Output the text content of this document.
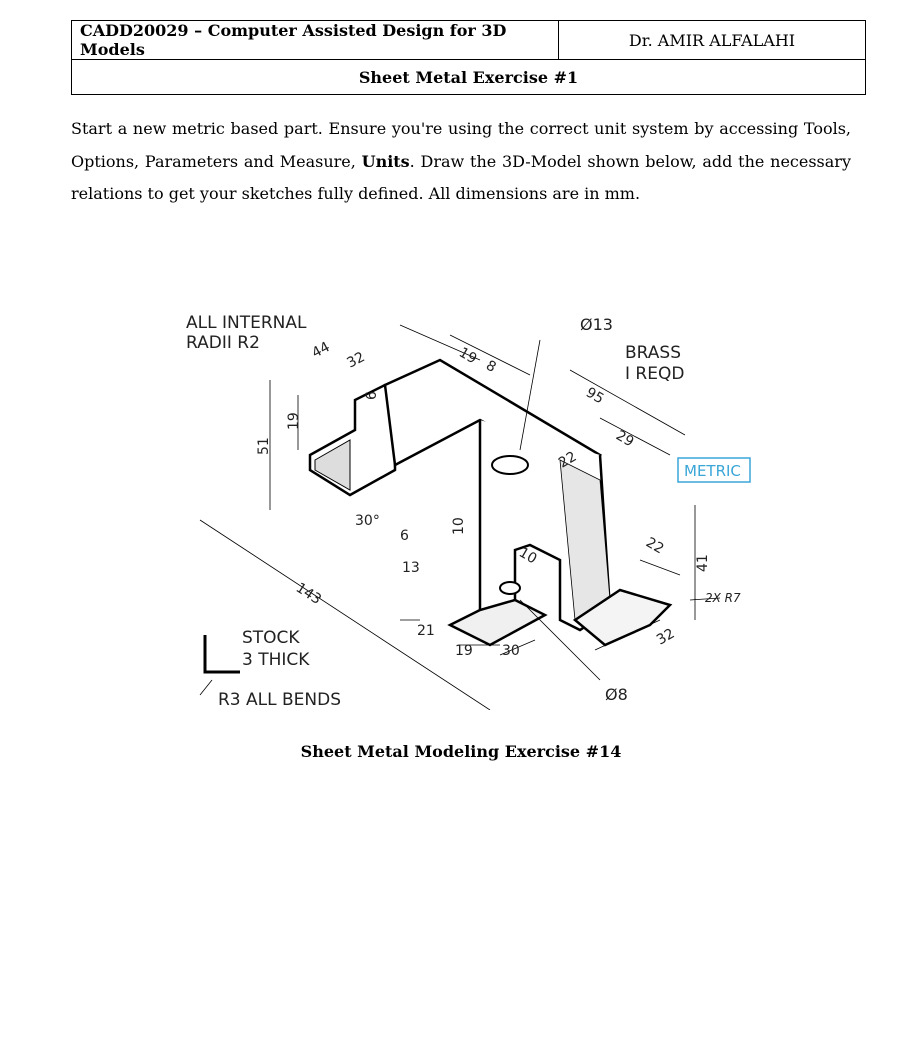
CADD20029 – Computer Assisted Design for 3D Models	Dr. AMIR ALFALAHI
Sheet Metal Exercise #1

Start a new metric based part. Ensure you're using the correct unit system by accessing Tools, Options, Parameters and Measure, Units. Draw the 3D-Model shown below, add the necessary relations to get your sketches fully defined. All dimensions are in mm.

ALL INTERNAL
RADII R2	BRASS
I REQD
STOCK
3 THICK
R3 ALL BENDS
METRIC
44 32	19 8
Ø13
95
29
22
51
19
6
30°
6
10
13
10	22
41
2X R7
143
21
19 30
32
Ø8

Sheet Metal Modeling Exercise #14
